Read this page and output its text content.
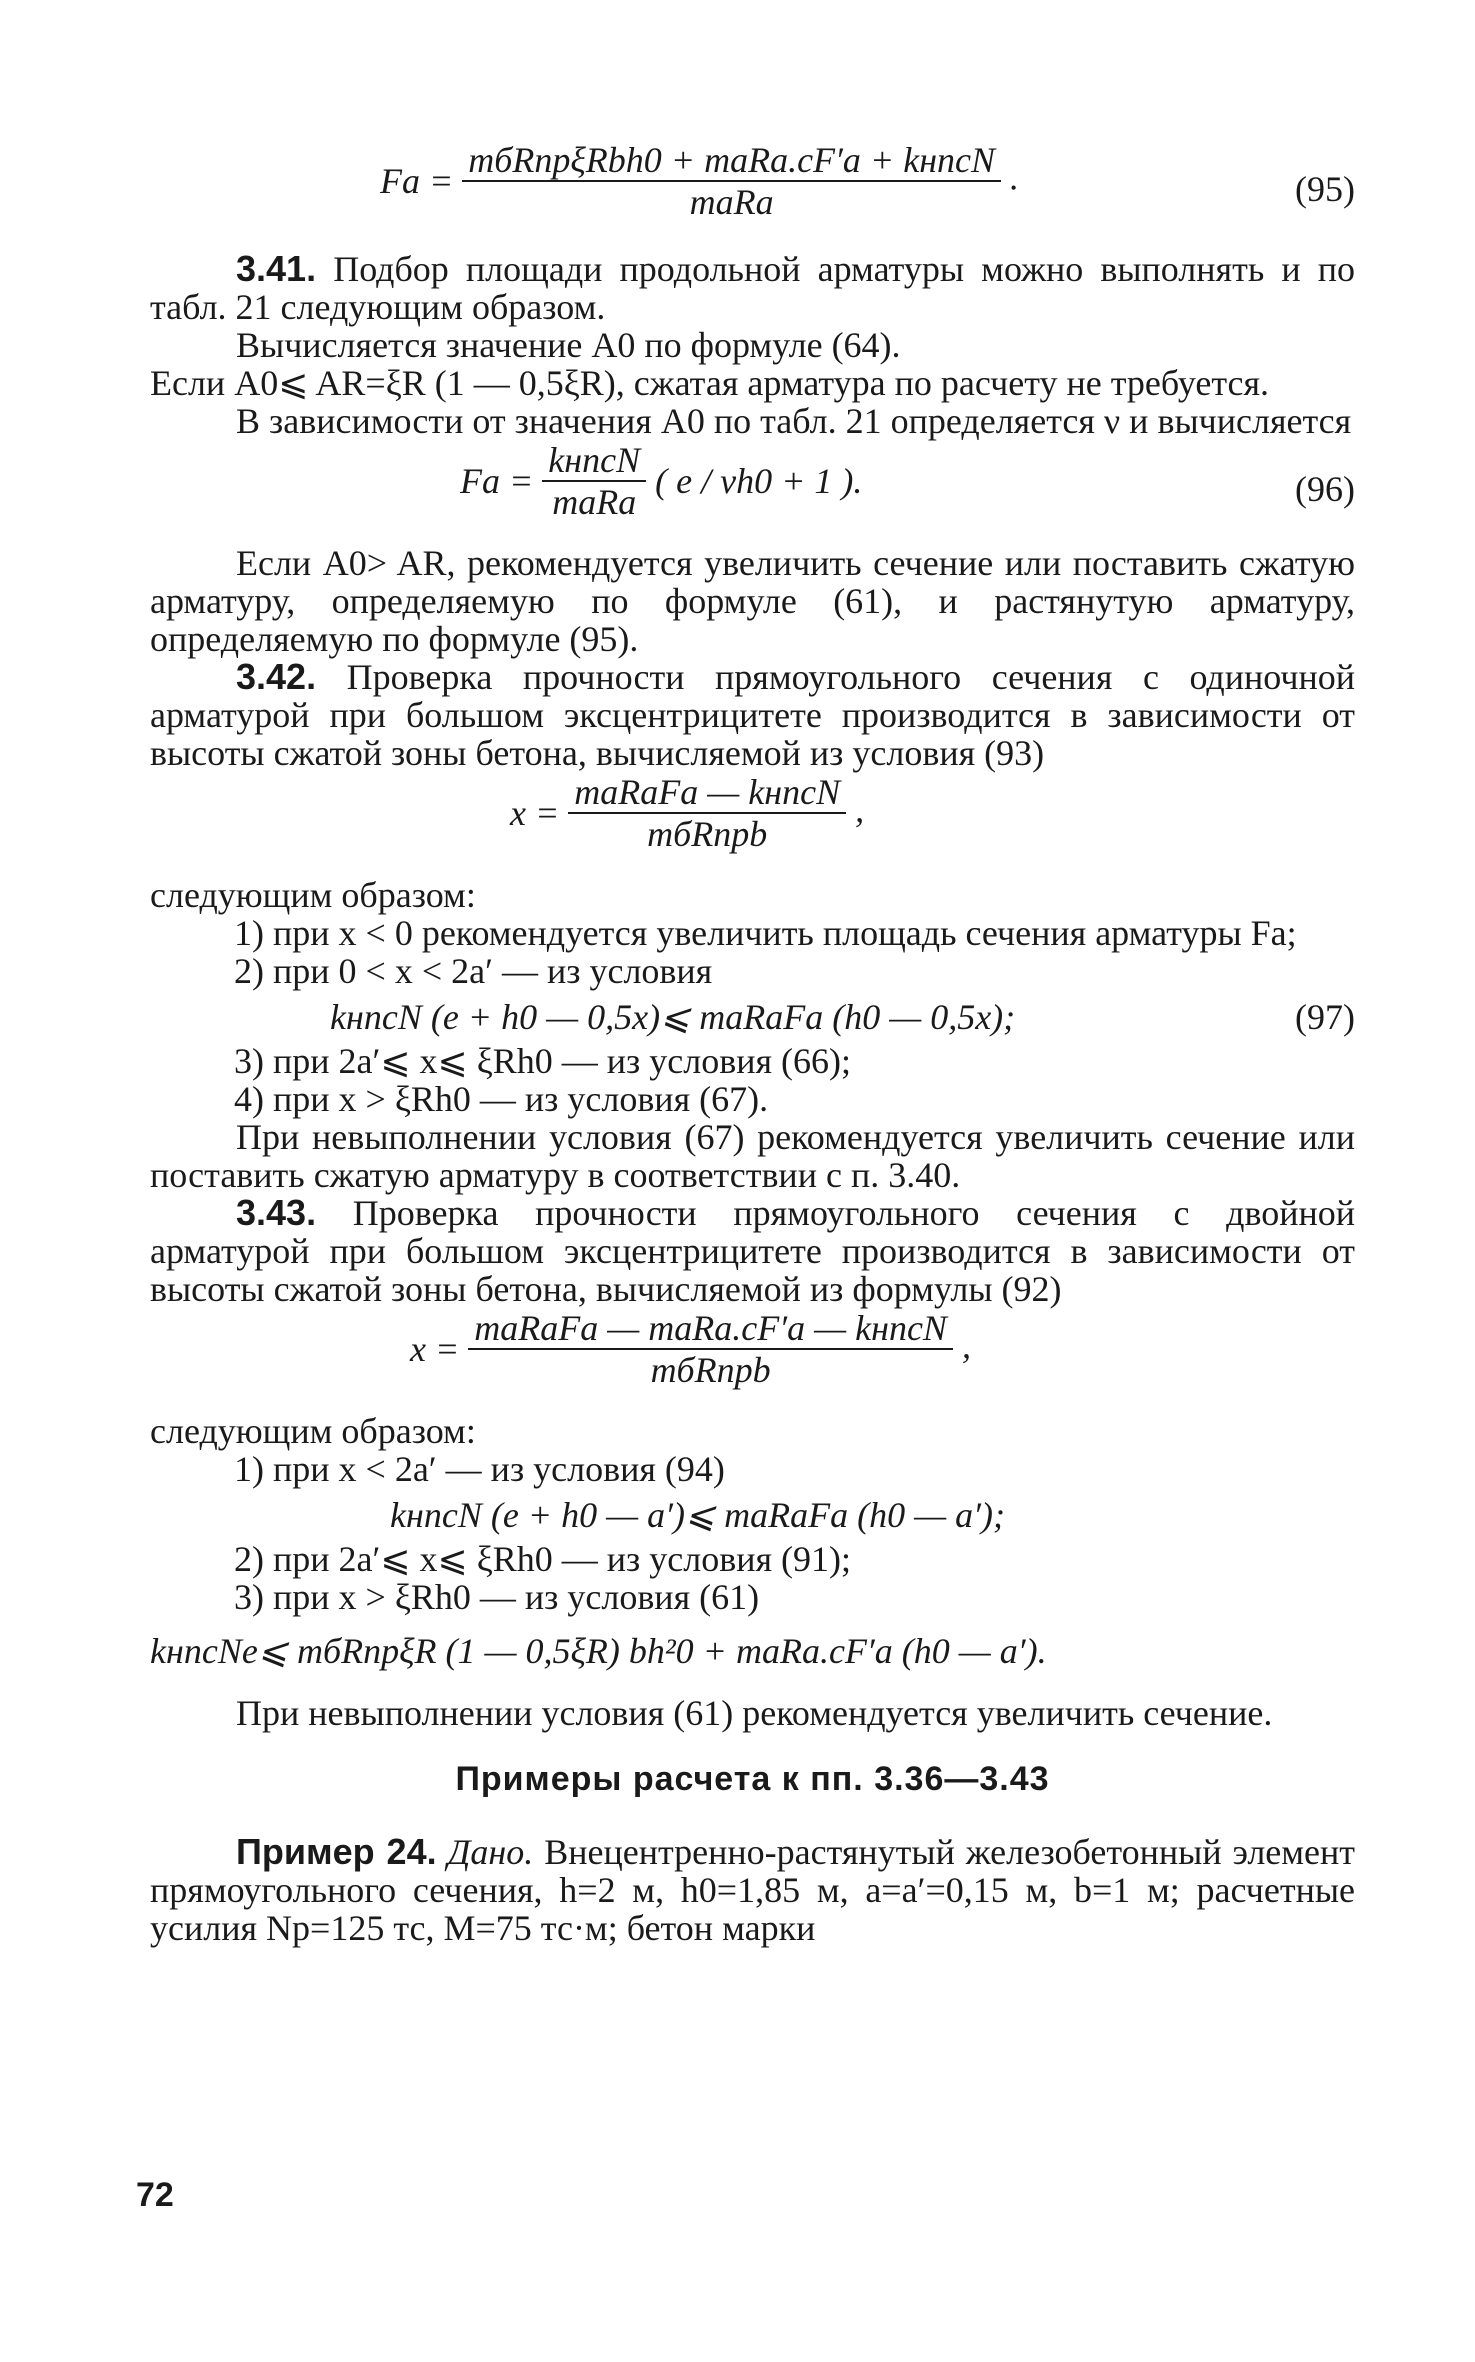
$Fa = \frac{\text{mбRпрξRbh0 + maRa.cF′a + kнncN}}{\text{maRa}}$ .	(95)

3.41. Подбор площади продольной арматуры можно выполнять и по табл. 21 следующим образом.

Вычисляется значение A0 по формуле (64).

Если A0⩽ AR=ξR (1 — 0,5ξR), сжатая арматура по расчету не требуется.

В зависимости от значения A0 по табл. 21 определяется ν и вычисляется

$Fa = \frac{\text{kнncN}}{\text{maRa}}$ ( e / νh0 + 1 ).	(96)

Если A0> AR, рекомендуется увеличить сечение или поставить сжатую арматуру, определяемую по формуле (61), и растянутую арматуру, определяемую по формуле (95).

3.42. Проверка прочности прямоугольного сечения с одиночной арматурой при большом эксцентрицитете производится в зависимости от высоты сжатой зоны бетона, вычисляемой из условия (93)

$x = \frac{\text{maRaFa — kнncN}}{\text{mбRпрb}}$ ,

следующим образом:

1) при x < 0 рекомендуется увеличить площадь сечения арматуры Fa;

2) при 0 < x < 2a′ — из условия

kнncN (e + h0 — 0,5x)⩽ maRaFa (h0 — 0,5x);	(97)

3) при 2a′⩽ x⩽ ξRh0 — из условия (66);

4) при x > ξRh0 — из условия (67).

При невыполнении условия (67) рекомендуется увеличить сечение или поставить сжатую арматуру в соответствии с п. 3.40.

3.43. Проверка прочности прямоугольного сечения с двойной арматурой при большом эксцентрицитете производится в зависимости от высоты сжатой зоны бетона, вычисляемой из формулы (92)

$x = \frac{\text{maRaFa — maRa.cF′a — kнncN}}{\text{mбRпрb}}$ ,

следующим образом:

1) при x < 2a′ — из условия (94)

kнncN (e + h0 — a′)⩽ maRaFa (h0 — a′);

2) при 2a′⩽ x⩽ ξRh0 — из условия (91);

3) при x > ξRh0 — из условия (61)

kнncNe⩽ mбRпрξR (1 — 0,5ξR) bh²0 + maRa.cF′a (h0 — a′).

При невыполнении условия (61) рекомендуется увеличить сечение.

Примеры расчета к пп. 3.36—3.43

Пример 24. Дано. Внецентренно-растянутый железобетонный элемент прямоугольного сечения, h=2 м, h0=1,85 м, a=a′=0,15 м, b=1 м; расчетные усилия Nр=125 тс, M=75 тс·м; бетон марки

72
